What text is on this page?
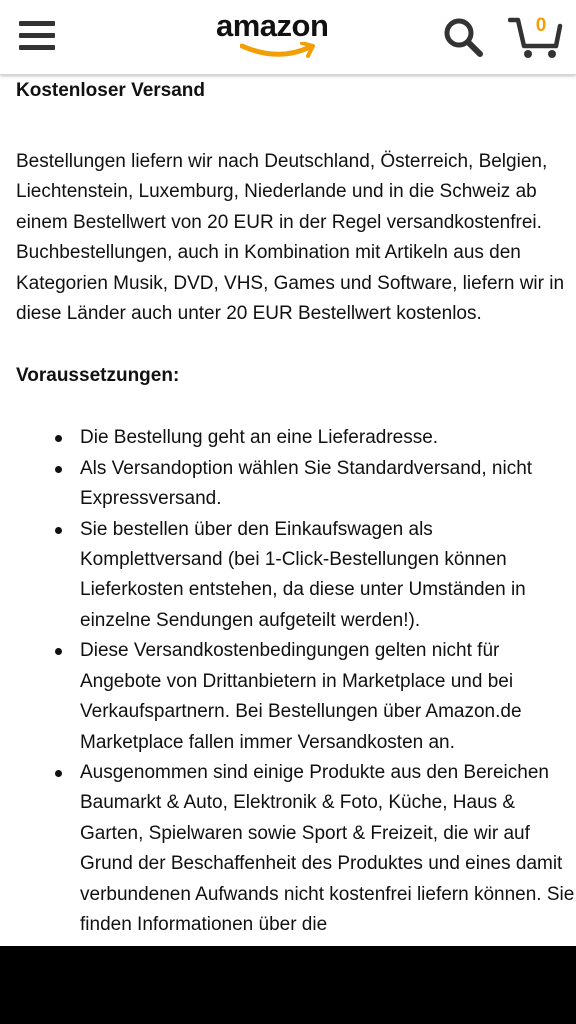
amazon	0
Kostenloser Versand

Bestellungen liefern wir nach Deutschland, Österreich, Belgien, Liechtenstein, Luxemburg, Niederlande und in die Schweiz ab einem Bestellwert von 20 EUR in der Regel versandkostenfrei. Buchbestellungen, auch in Kombination mit Artikeln aus den Kategorien Musik, DVD, VHS, Games und Software, liefern wir in diese Länder auch unter 20 EUR Bestellwert kostenlos.

Voraussetzungen:
Die Bestellung geht an eine Lieferadresse.
Als Versandoption wählen Sie Standardversand, nicht Expressversand.
Sie bestellen über den Einkaufswagen als Komplettversand (bei 1-Click-Bestellungen können Lieferkosten entstehen, da diese unter Umständen in einzelne Sendungen aufgeteilt werden!).
Diese Versandkostenbedingungen gelten nicht für Angebote von Drittanbietern in Marketplace und bei Verkaufspartnern. Bei Bestellungen über Amazon.de Marketplace fallen immer Versandkosten an.
Ausgenommen sind einige Produkte aus den Bereichen Baumarkt & Auto, Elektronik & Foto, Küche, Haus & Garten, Spielwaren sowie Sport & Freizeit, die wir auf Grund der Beschaffenheit des Produktes und eines damit verbundenen Aufwands nicht kostenfrei liefern können. Sie finden Informationen über die
